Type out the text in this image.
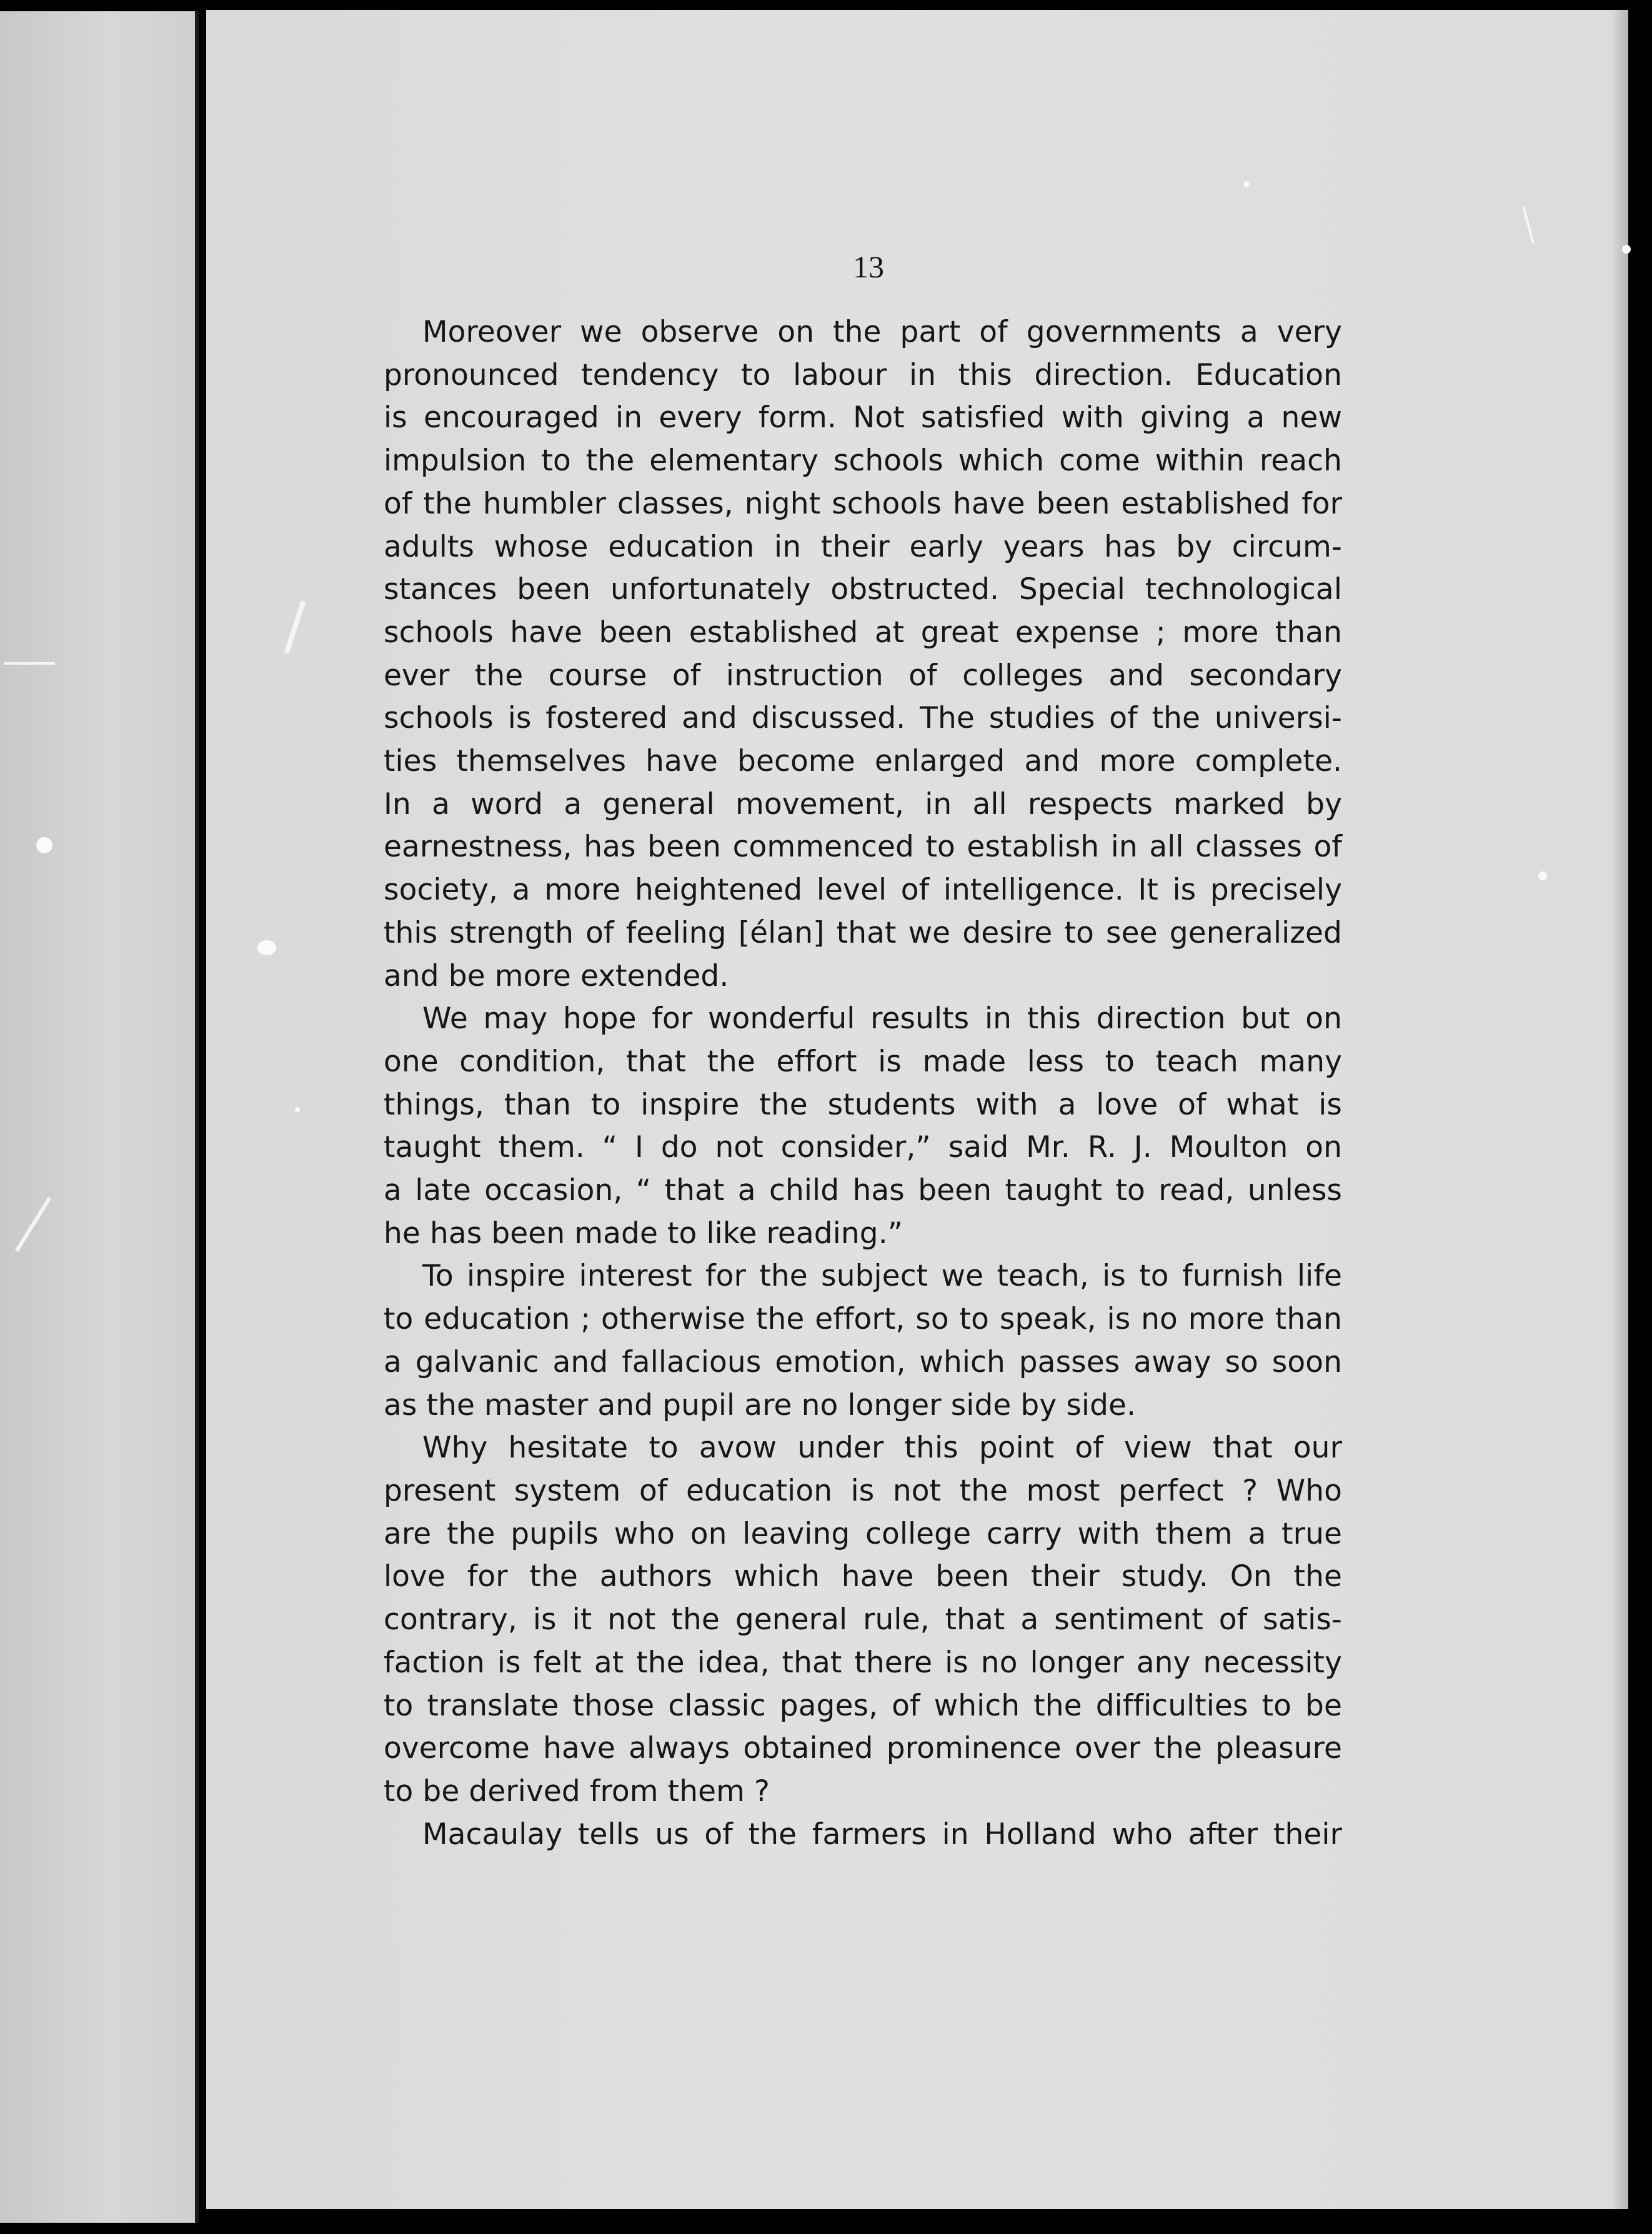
13
Moreover we observe on the part of governments a very
pronounced tendency to labour in this direction. Education
is encouraged in every form. Not satisfied with giving a new
impulsion to the elementary schools which come within reach
of the humbler classes, night schools have been established for
adults whose education in their early years has by circum-
stances been unfortunately obstructed. Special technological
schools have been established at great expense ; more than
ever the course of instruction of colleges and secondary
schools is fostered and discussed. The studies of the universi-
ties themselves have become enlarged and more complete.
In a word a general movement, in all respects marked by
earnestness, has been commenced to establish in all classes of
society, a more heightened level of intelligence. It is precisely
this strength of feeling [élan] that we desire to see generalized
and be more extended.
We may hope for wonderful results in this direction but on
one condition, that the effort is made less to teach many
things, than to inspire the students with a love of what is
taught them. “ I do not consider,” said Mr. R. J. Moulton on
a late occasion, “ that a child has been taught to read, unless
he has been made to like reading.”
To inspire interest for the subject we teach, is to furnish life
to education ; otherwise the effort, so to speak, is no more than
a galvanic and fallacious emotion, which passes away so soon
as the master and pupil are no longer side by side.
Why hesitate to avow under this point of view that our
present system of education is not the most perfect ? Who
are the pupils who on leaving college carry with them a true
love for the authors which have been their study. On the
contrary, is it not the general rule, that a sentiment of satis-
faction is felt at the idea, that there is no longer any necessity
to translate those classic pages, of which the difficulties to be
overcome have always obtained prominence over the pleasure
to be derived from them ?
Macaulay tells us of the farmers in Holland who after their
